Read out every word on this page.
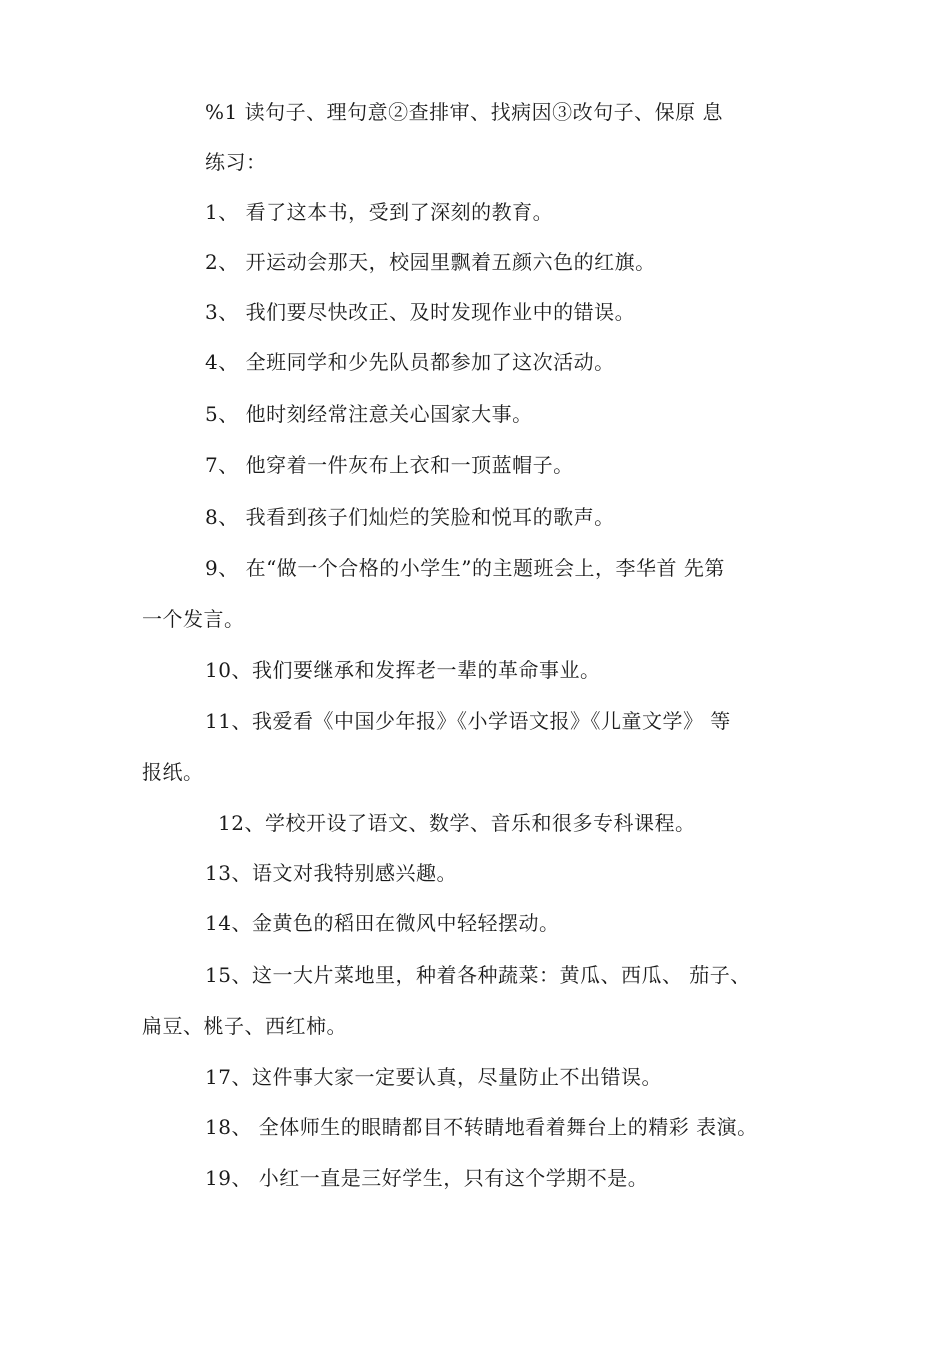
%1 读句子、理句意②查排审、找病因③改句子、保原 息
练习：
1、 看了这本书，受到了深刻的教育。
2、 开运动会那天，校园里飘着五颜六色的红旗。
3、 我们要尽快改正、及时发现作业中的错误。
4、 全班同学和少先队员都参加了这次活动。
5、 他时刻经常注意关心国家大事。
7、 他穿着一件灰布上衣和一顶蓝帽子。
8、 我看到孩子们灿烂的笑脸和悦耳的歌声。
9、 在“做一个合格的小学生”的主题班会上，李华首 先第
一个发言。
10、我们要继承和发挥老一辈的革命事业。
11、我爱看《中国少年报》《小学语文报》《儿童文学》 等
报纸。
12、学校开设了语文、数学、音乐和很多专科课程。
13、语文对我特别感兴趣。
14、金黄色的稻田在微风中轻轻摆动。
15、这一大片菜地里，种着各种蔬菜：黄瓜、西瓜、 茄子、
扁豆、桃子、西红柿。
17、这件事大家一定要认真，尽量防止不出错误。
18、 全体师生的眼睛都目不转睛地看着舞台上的精彩 表演。
19、 小红一直是三好学生，只有这个学期不是。
